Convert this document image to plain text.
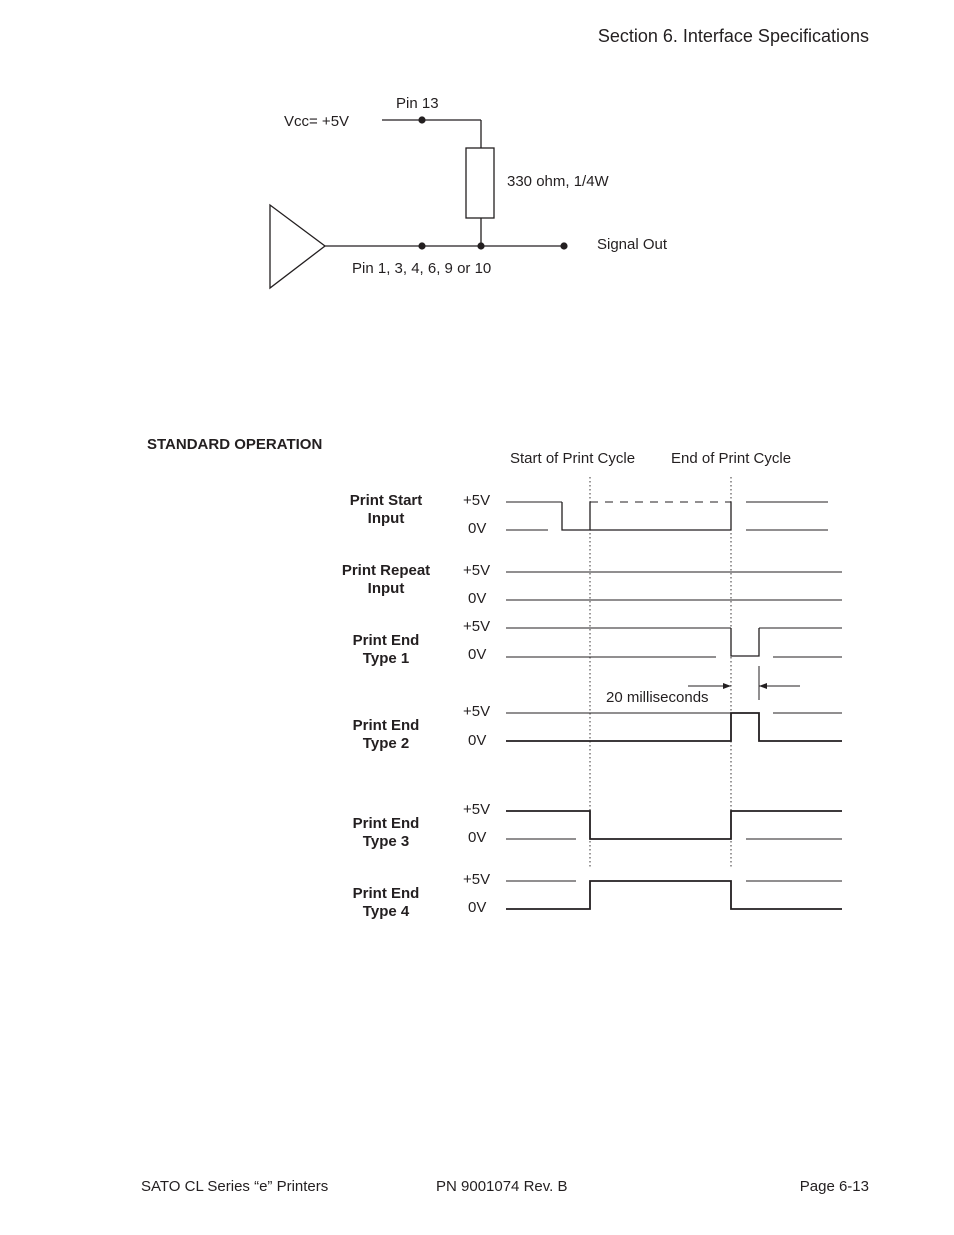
Section 6. Interface Specifications
Vcc= +5V
Pin 13
330 ohm, 1/4W
Signal Out
Pin 1, 3, 4, 6, 9 or 10
STANDARD OPERATION
Start of Print Cycle End of Print Cycle
20 milliseconds
Print Start
Input
Print Repeat
Input
Print End
Type 1
Print End
Type 2
Print End
Type 3
Print End
Type 4
+5V
0V
+5V
0V
+5V
0V
+5V
0V
+5V
0V
+5V
0V
SATO CL Series “e” Printers	PN 9001074 Rev. B	Page 6-13
